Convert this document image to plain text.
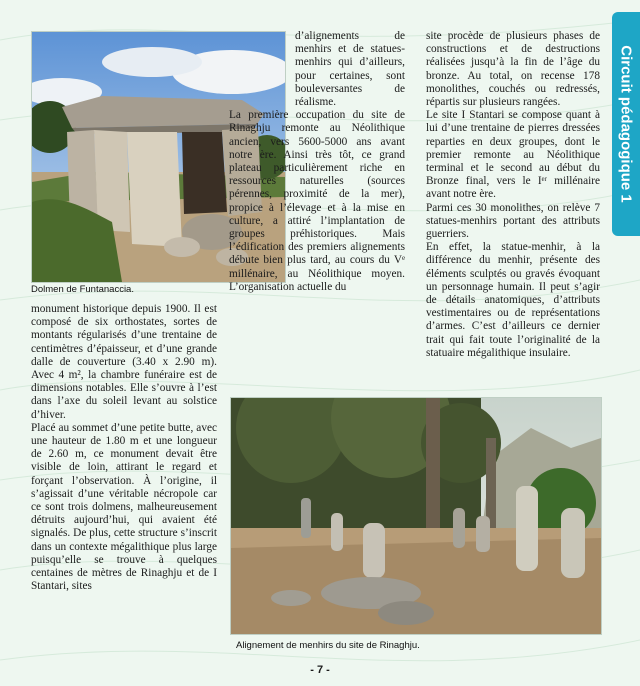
Dolmen de Funtanaccia.

monument historique depuis 1900. Il est composé de six orthostates, sortes de montants régularisés d’une trentaine de centimètres d’épaisseur, et d’une grande dalle de couverture (3.40 x 2.90 m). Avec 4 m², la chambre funéraire est de dimensions notables. Elle s’ouvre à l’est dans l’axe du soleil levant au solstice d’hiver.

Placé au sommet d’une petite butte, avec une hauteur de 1.80 m et une longueur de 2.60 m, ce monument devait être visible de loin, attirant le regard et forçant l’observation. À l’origine, il s’agissait d’une véritable nécropole car ce sont trois dolmens, malheureusement détruits aujourd’hui, qui avaient été signalés. De plus, cette structure s’inscrit dans un contexte mégalithique plus large puisqu’elle se trouve à quelques centaines de mètres de Rinaghju et de I Stantari, sites

d’alignements de menhirs et de statues-menhirs qui d’ailleurs, pour certaines, sont bouleversantes de réalisme.

La première occupation du site de Rinaghju remonte au Néolithique ancien, vers 5600-5000 ans avant notre ère. Ainsi très tôt, ce grand plateau particulièrement riche en ressources naturelles (sources pérennes, proximité de la mer), propice à l’élevage et à la mise en culture, a attiré l’implantation de groupes préhistoriques. Mais l’édification des premiers alignements débute bien plus tard, au cours du Vᵉ millénaire, au Néolithique moyen. L’organisation actuelle du

site procède de plusieurs phases de constructions et de destructions réalisées jusqu’à la fin de l’âge du bronze. Au total, on recense 178 monolithes, couchés ou redressés, répartis sur plusieurs rangées.

Le site I Stantari se compose quant à lui d’une trentaine de pierres dressées reparties en deux groupes, dont le premier remonte au Néolithique terminal et le second au début du Bronze final, vers le Iᵉʳ millénaire avant notre ère.

Parmi ces 30 monolithes, on relève 7 statues-menhirs portant des attributs guerriers.

En effet, la statue-menhir, à la différence du menhir, présente des éléments sculptés ou gravés évoquant un personnage humain. Il peut s’agir de détails anatomiques, d’attributs vestimentaires ou de représentations d’armes. C’est d’ailleurs ce dernier trait qui fait toute l’originalité de la statuaire mégalithique insulaire.

Circuit pédagogique 1
Alignement de menhirs du site de Rinaghju.
- 7 -
